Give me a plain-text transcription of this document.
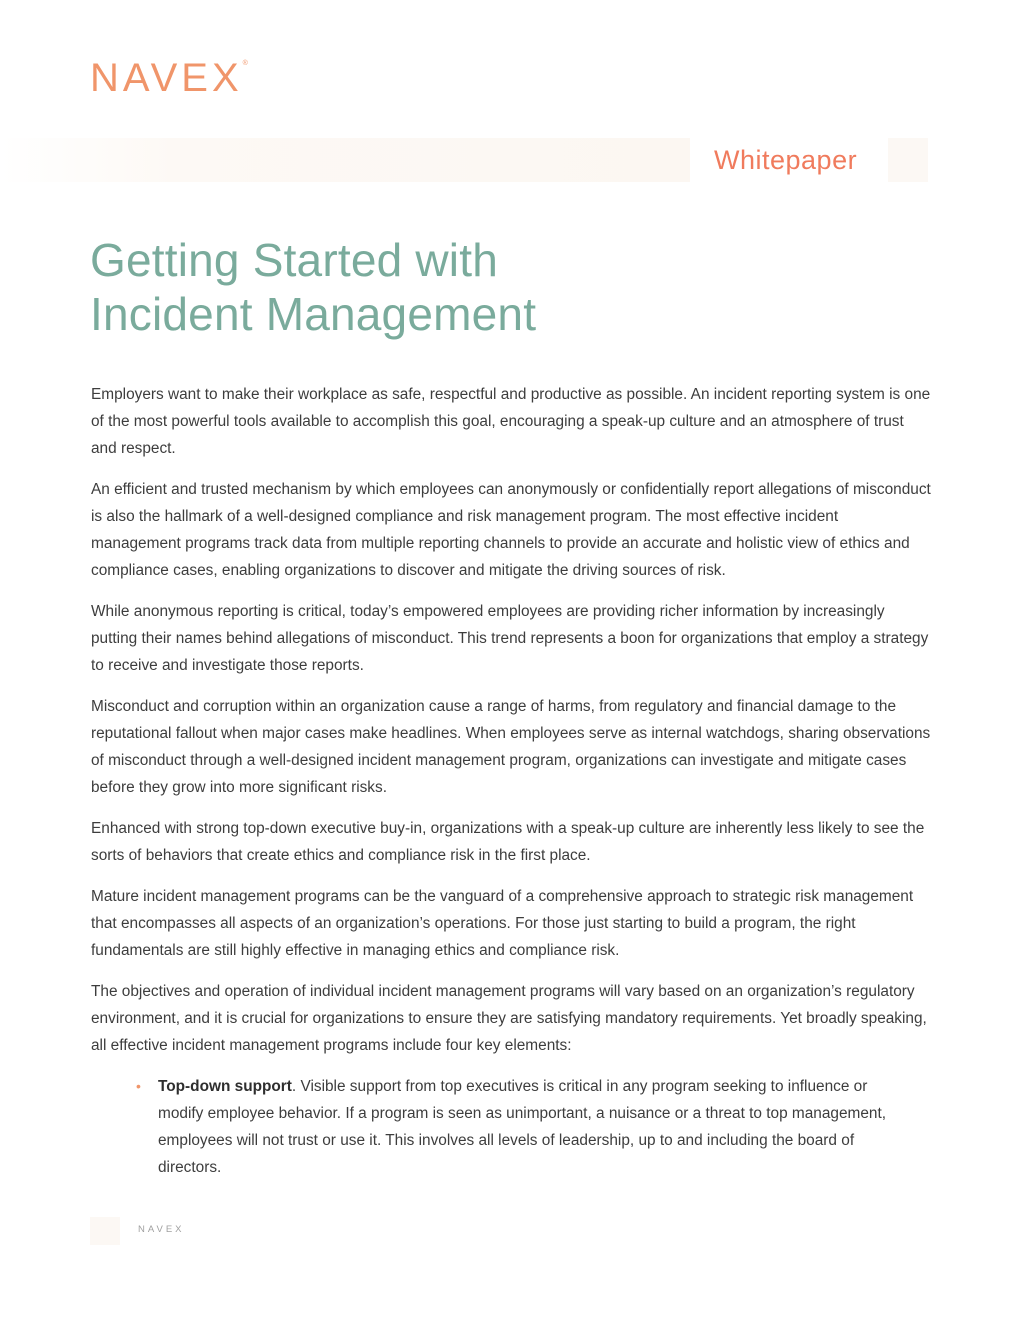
NAVEX®
Whitepaper
Getting Started with
Incident Management

Employers want to make their workplace as safe, respectful and productive as possible. An incident reporting system is one of the most powerful tools available to accomplish this goal, encouraging a speak-up culture and an atmosphere of trust and respect.

An efficient and trusted mechanism by which employees can anonymously or confidentially report allegations of misconduct is also the hallmark of a well-designed compliance and risk management program. The most effective incident management programs track data from multiple reporting channels to provide an accurate and holistic view of ethics and compliance cases, enabling organizations to discover and mitigate the driving sources of risk.

While anonymous reporting is critical, today’s empowered employees are providing richer information by increasingly putting their names behind allegations of misconduct. This trend represents a boon for organizations that employ a strategy to receive and investigate those reports.

Misconduct and corruption within an organization cause a range of harms, from regulatory and financial damage to the reputational fallout when major cases make headlines. When employees serve as internal watchdogs, sharing observations of misconduct through a well-designed incident management program, organizations can investigate and mitigate cases before they grow into more significant risks.

Enhanced with strong top-down executive buy-in, organizations with a speak-up culture are inherently less likely to see the sorts of behaviors that create ethics and compliance risk in the first place.

Mature incident management programs can be the vanguard of a comprehensive approach to strategic risk management that encompasses all aspects of an organization’s operations. For those just starting to build a program, the right fundamentals are still highly effective in managing ethics and compliance risk.

The objectives and operation of individual incident management programs will vary based on an organization’s regulatory environment, and it is crucial for organizations to ensure they are satisfying mandatory requirements. Yet broadly speaking, all effective incident management programs include four key elements:

• Top-down support. Visible support from top executives is critical in any program seeking to influence or modify employee behavior. If a program is seen as unimportant, a nuisance or a threat to top management, employees will not trust or use it. This involves all levels of leadership, up to and including the board of directors.
NAVEX
